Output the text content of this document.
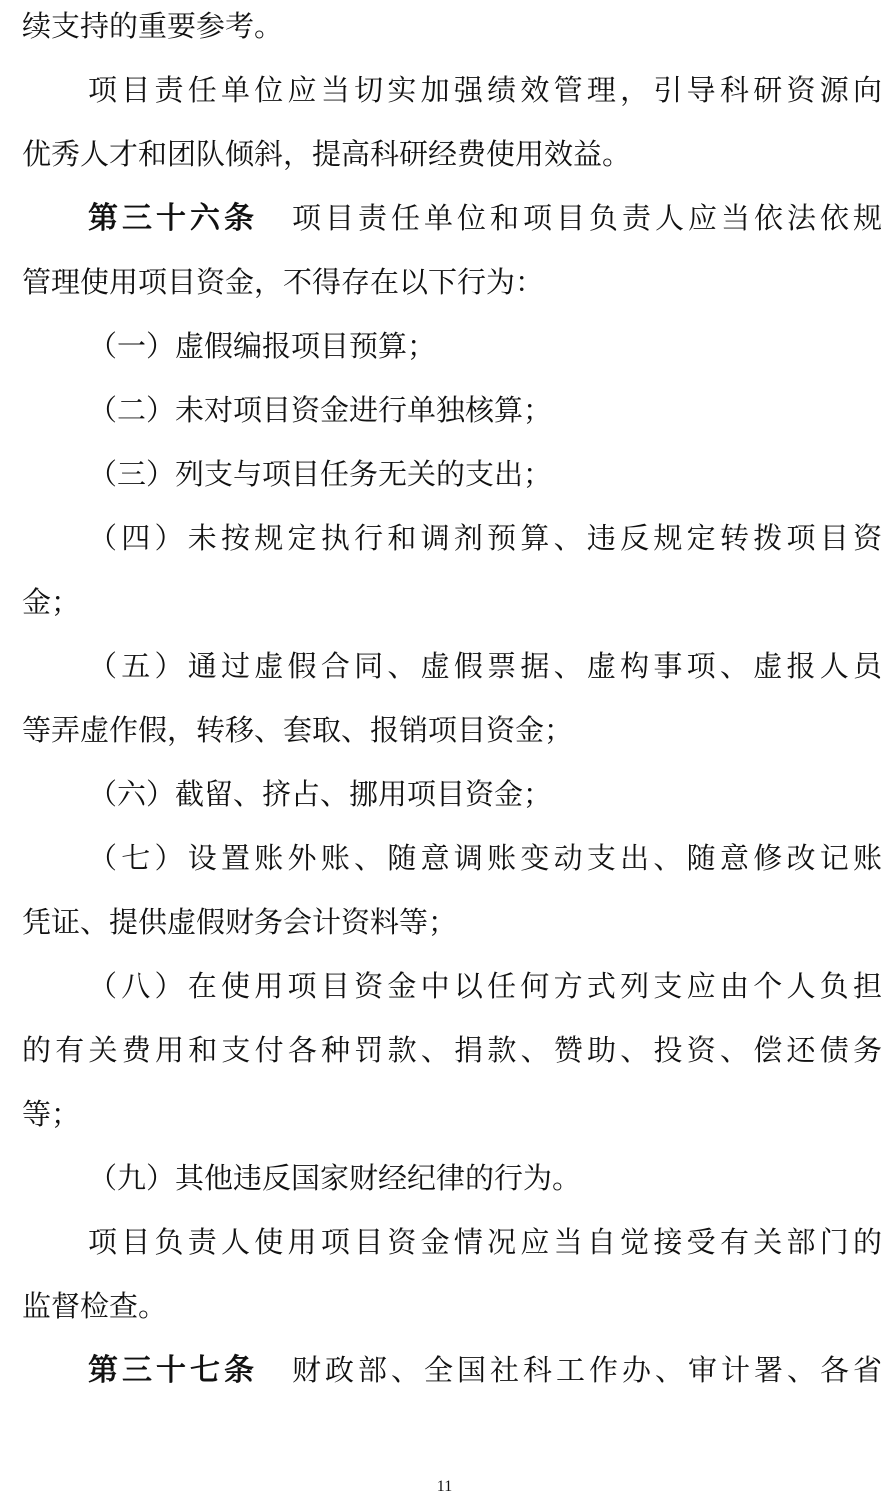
续支持的重要参考。
项目责任单位应当切实加强绩效管理，引导科研资源向
优秀人才和团队倾斜，提高科研经费使用效益。
第三十六条 项目责任单位和项目负责人应当依法依规
管理使用项目资金，不得存在以下行为：
（一）虚假编报项目预算；
（二）未对项目资金进行单独核算；
（三）列支与项目任务无关的支出；
（四）未按规定执行和调剂预算、违反规定转拨项目资
金；
（五）通过虚假合同、虚假票据、虚构事项、虚报人员
等弄虚作假，转移、套取、报销项目资金；
（六）截留、挤占、挪用项目资金；
（七）设置账外账、随意调账变动支出、随意修改记账
凭证、提供虚假财务会计资料等；
（八）在使用项目资金中以任何方式列支应由个人负担
的有关费用和支付各种罚款、捐款、赞助、投资、偿还债务
等；
（九）其他违反国家财经纪律的行为。
项目负责人使用项目资金情况应当自觉接受有关部门的
监督检查。
第三十七条 财政部、全国社科工作办、审计署、各省
11
